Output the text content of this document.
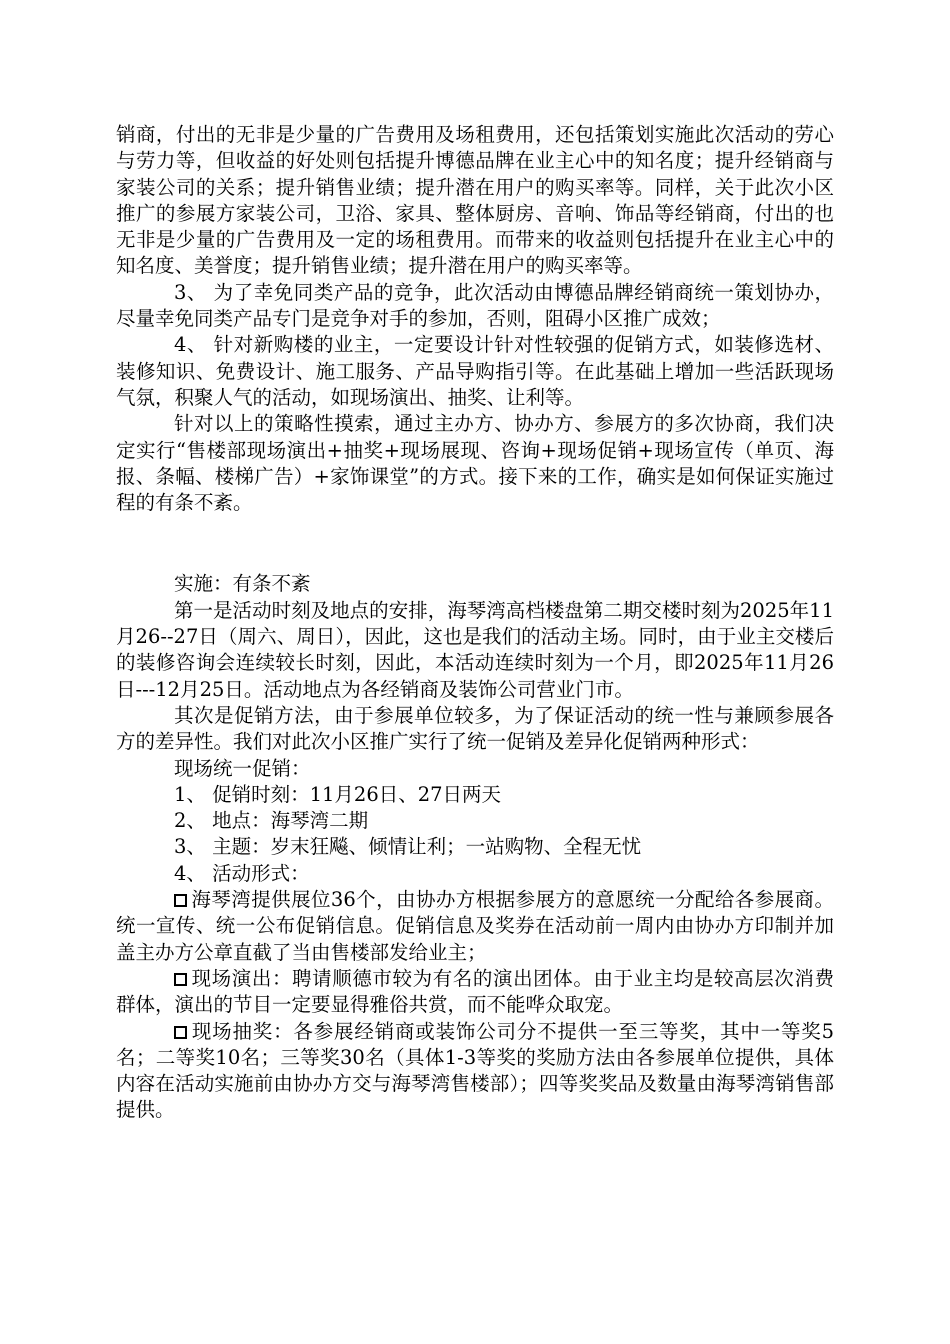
销商，付出的无非是少量的广告费用及场租费用，还包括策划实施此次活动的劳心与劳力等，但收益的好处则包括提升博德品牌在业主心中的知名度；提升经销商与家装公司的关系；提升销售业绩；提升潜在用户的购买率等。同样，关于此次小区推广的参展方家装公司，卫浴、家具、整体厨房、音响、饰品等经销商，付出的也无非是少量的广告费用及一定的场租费用。而带来的收益则包括提升在业主心中的知名度、美誉度；提升销售业绩；提升潜在用户的购买率等。

3、 为了幸免同类产品的竞争，此次活动由博德品牌经销商统一策划协办，尽量幸免同类产品专门是竞争对手的参加，否则，阻碍小区推广成效；

4、 针对新购楼的业主，一定要设计针对性较强的促销方式，如装修选材、装修知识、免费设计、施工服务、产品导购指引等。在此基础上增加一些活跃现场气氛，积聚人气的活动，如现场演出、抽奖、让利等。

针对以上的策略性摸索，通过主办方、协办方、参展方的多次协商，我们决定实行“售楼部现场演出+抽奖+现场展现、咨询+现场促销+现场宣传（单页、海报、条幅、楼梯广告）+家饰课堂”的方式。接下来的工作，确实是如何保证实施过程的有条不紊。

实施：有条不紊

第一是活动时刻及地点的安排，海琴湾高档楼盘第二期交楼时刻为2025年11月26--27日（周六、周日），因此，这也是我们的活动主场。同时，由于业主交楼后的装修咨询会连续较长时刻，因此，本活动连续时刻为一个月，即2025年11月26日---12月25日。活动地点为各经销商及装饰公司营业门市。

其次是促销方法，由于参展单位较多，为了保证活动的统一性与兼顾参展各方的差异性。我们对此次小区推广实行了统一促销及差异化促销两种形式：

现场统一促销：

1、 促销时刻：11月26日、27日两天

2、 地点：海琴湾二期

3、 主题：岁末狂飚、倾情让利；一站购物、全程无忧

4、 活动形式：

海琴湾提供展位36个，由协办方根据参展方的意愿统一分配给各参展商。统一宣传、统一公布促销信息。促销信息及奖券在活动前一周内由协办方印制并加盖主办方公章直截了当由售楼部发给业主；

现场演出：聘请顺德市较为有名的演出团体。由于业主均是较高层次消费群体，演出的节目一定要显得雅俗共赏，而不能哗众取宠。

现场抽奖：各参展经销商或装饰公司分不提供一至三等奖，其中一等奖5名；二等奖10名；三等奖30名（具体1-3等奖的奖励方法由各参展单位提供，具体内容在活动实施前由协办方交与海琴湾售楼部）；四等奖奖品及数量由海琴湾销售部提供。
